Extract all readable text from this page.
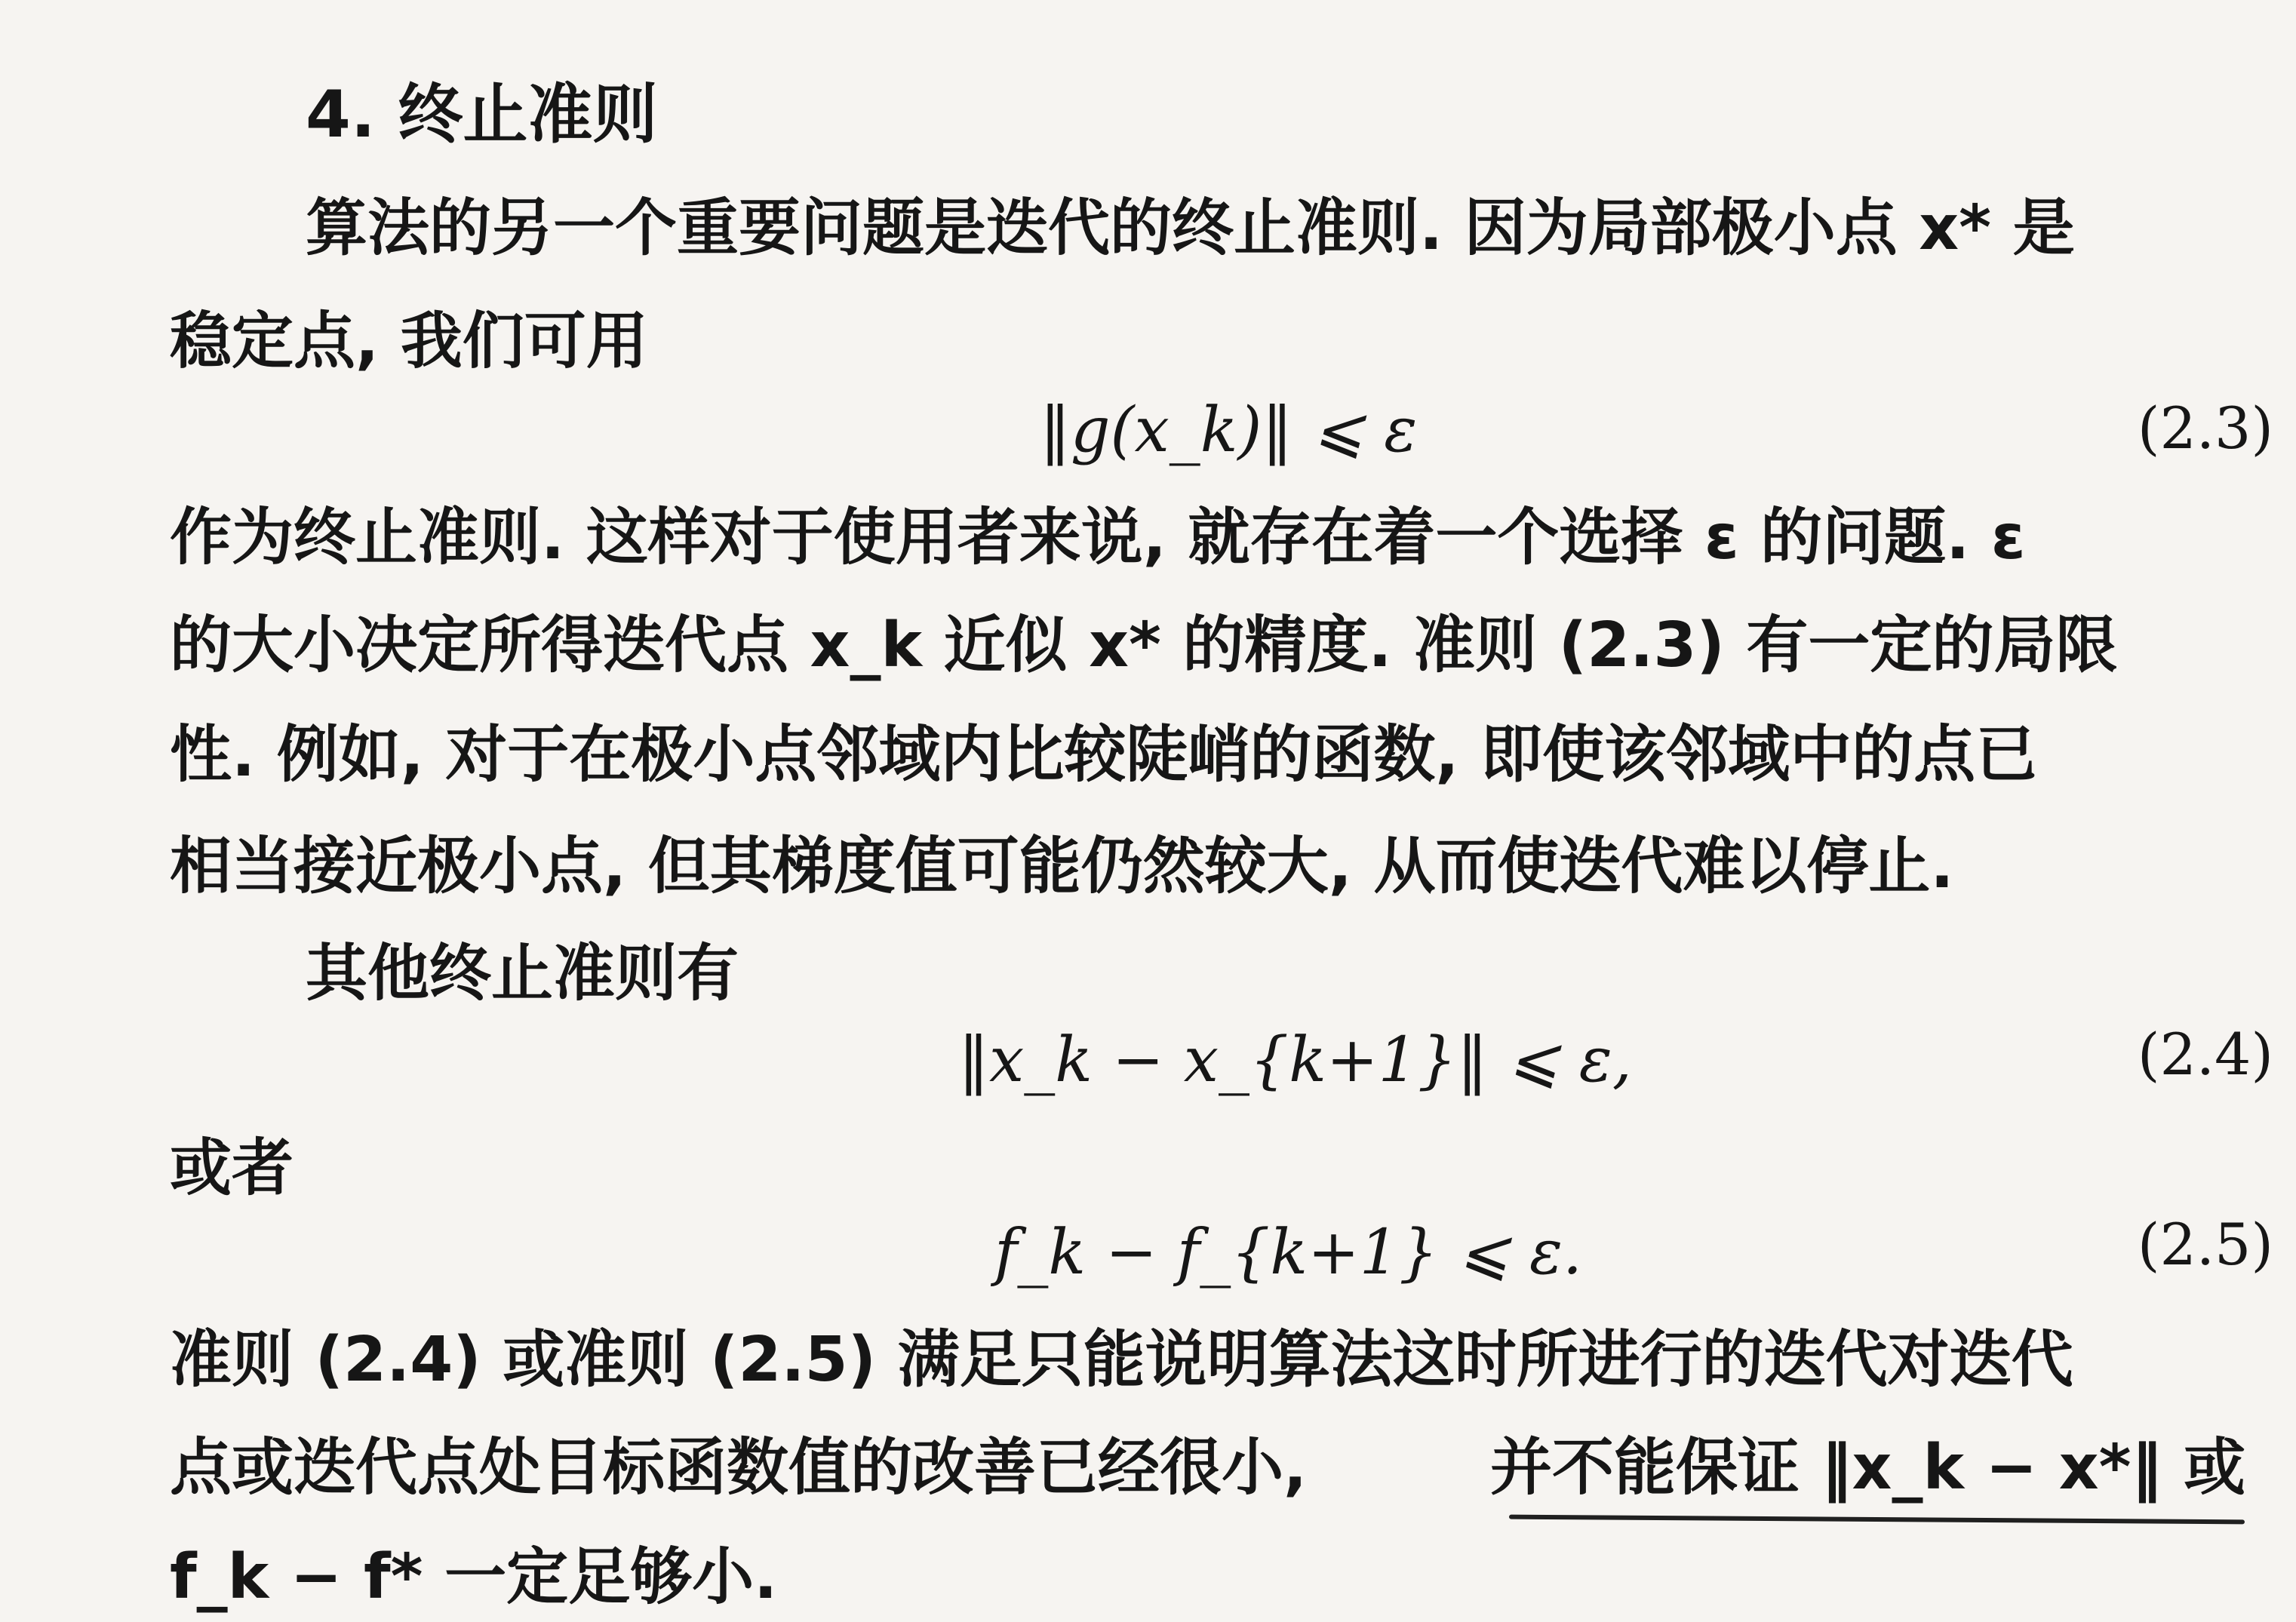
4. 终止准则
算法的另一个重要问题是迭代的终止准则. 因为局部极小点 x* 是
稳定点, 我们可用
‖g(x_k)‖ ⩽ ε	(2.3)
作为终止准则. 这样对于使用者来说, 就存在着一个选择 ε 的问题. ε
的大小决定所得迭代点 x_k 近似 x* 的精度. 准则 (2.3) 有一定的局限
性. 例如, 对于在极小点邻域内比较陡峭的函数, 即使该邻域中的点已
相当接近极小点, 但其梯度值可能仍然较大, 从而使迭代难以停止.
其他终止准则有
‖x_k − x_{k+1}‖ ⩽ ε,	(2.4)
或者
f_k − f_{k+1} ⩽ ε.	(2.5)
准则 (2.4) 或准则 (2.5) 满足只能说明算法这时所进行的迭代对迭代
点或迭代点处目标函数值的改善已经很小,	并不能保证 ‖x_k − x*‖ 或
f_k − f* 一定足够小.
